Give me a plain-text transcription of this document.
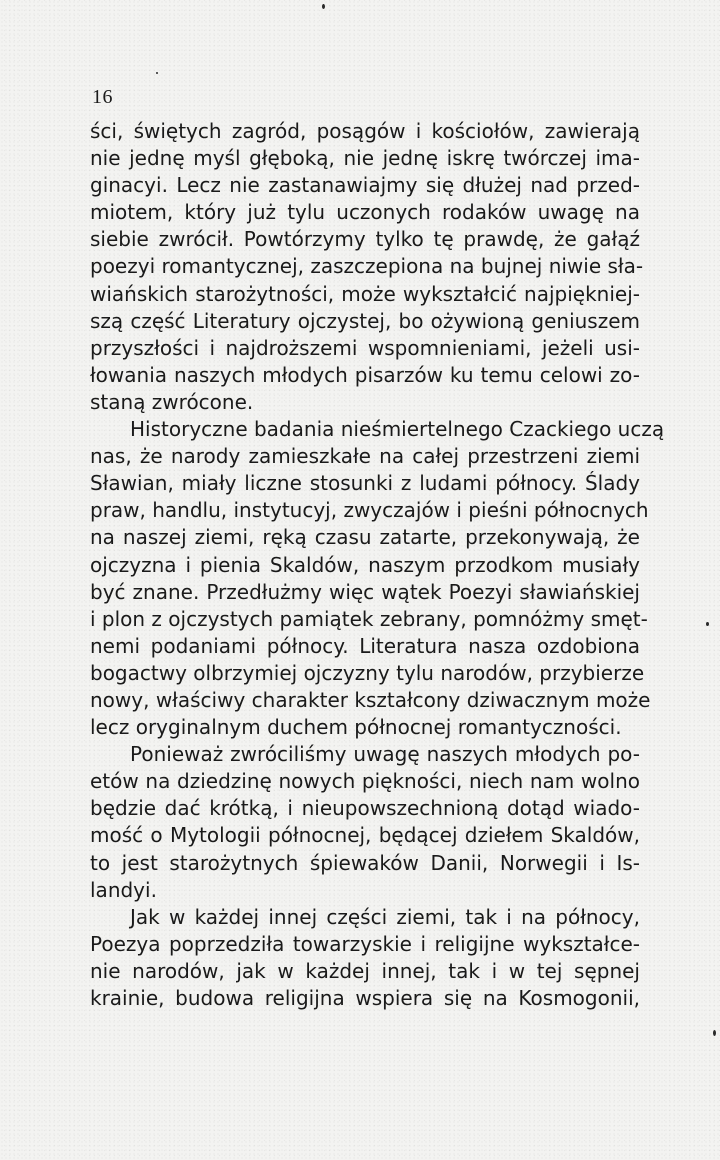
16
ści, świętych zagród, posągów i kościołów, zawierają
nie jednę myśl głęboką, nie jednę iskrę twórczej ima-
ginacyi. Lecz nie zastanawiajmy się dłużej nad przed-
miotem, który już tylu uczonych rodaków uwagę na
siebie zwrócił. Powtórzymy tylko tę prawdę, że gałąź
poezyi romantycznej, zaszczepiona na bujnej niwie sła-
wiańskich starożytności, może wykształcić najpiękniej-
szą część Literatury ojczystej, bo ożywioną geniuszem
przyszłości i najdroższemi wspomnieniami, jeżeli usi-
łowania naszych młodych pisarzów ku temu celowi zo-
staną zwrócone.
Historyczne badania nieśmiertelnego Czackiego uczą
nas, że narody zamieszkałe na całej przestrzeni ziemi
Sławian, miały liczne stosunki z ludami północy. Ślady
praw, handlu, instytucyj, zwyczajów i pieśni północnych
na naszej ziemi, ręką czasu zatarte, przekonywają, że
ojczyzna i pienia Skaldów, naszym przodkom musiały
być znane. Przedłużmy więc wątek Poezyi sławiańskiej
i plon z ojczystych pamiątek zebrany, pomnóżmy smęt-
nemi podaniami północy. Literatura nasza ozdobiona
bogactwy olbrzymiej ojczyzny tylu narodów, przybierze
nowy, właściwy charakter kształcony dziwacznym może
lecz oryginalnym duchem północnej romantyczności.
Ponieważ zwróciliśmy uwagę naszych młodych po-
etów na dziedzinę nowych piękności, niech nam wolno
będzie dać krótką, i nieupowszechnioną dotąd wiado-
mość o Mytologii północnej, będącej dziełem Skaldów,
to jest starożytnych śpiewaków Danii, Norwegii i Is-
landyi.
Jak w każdej innej części ziemi, tak i na północy,
Poezya poprzedziła towarzyskie i religijne wykształce-
nie narodów, jak w każdej innej, tak i w tej sępnej
krainie, budowa religijna wspiera się na Kosmogonii,
